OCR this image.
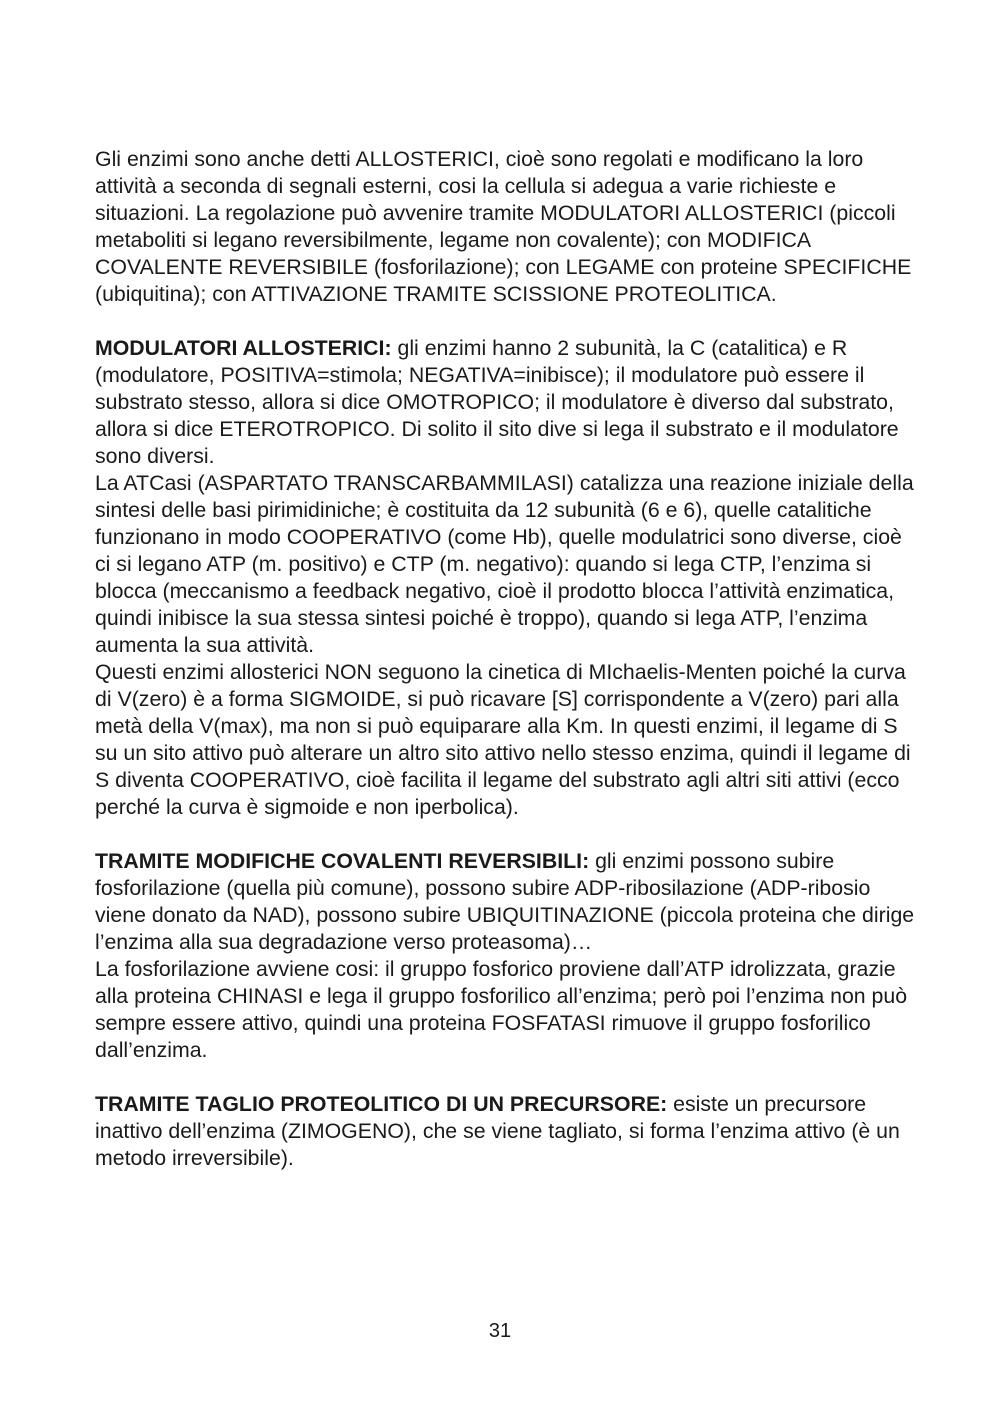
Gli enzimi sono anche detti ALLOSTERICI, cioè sono regolati e modificano la loro attività a seconda di segnali esterni, cosi la cellula si adegua a varie richieste e situazioni. La regolazione può avvenire tramite MODULATORI ALLOSTERICI (piccoli metaboliti si legano reversibilmente, legame non covalente); con MODIFICA COVALENTE REVERSIBILE (fosforilazione); con LEGAME con proteine SPECIFICHE (ubiquitina); con ATTIVAZIONE TRAMITE SCISSIONE PROTEOLITICA.

MODULATORI ALLOSTERICI: gli enzimi hanno 2 subunità, la C (catalitica) e R (modulatore, POSITIVA=stimola; NEGATIVA=inibisce); il modulatore può essere il substrato stesso, allora si dice OMOTROPICO; il modulatore è diverso dal substrato, allora si dice ETEROTROPICO. Di solito il sito dive si lega il substrato e il modulatore sono diversi.

La ATCasi (ASPARTATO TRANSCARBAMMILASI) catalizza una reazione iniziale della sintesi delle basi pirimidiniche; è costituita da 12 subunità (6 e 6), quelle catalitiche funzionano in modo COOPERATIVO (come Hb), quelle modulatrici sono diverse, cioè ci si legano ATP (m. positivo) e CTP (m. negativo): quando si lega CTP, l’enzima si blocca (meccanismo a feedback negativo, cioè il prodotto blocca l’attività enzimatica, quindi inibisce la sua stessa sintesi poiché è troppo), quando si lega ATP, l’enzima aumenta la sua attività.

Questi enzimi allosterici NON seguono la cinetica di MIchaelis-Menten poiché la curva di V(zero) è a forma SIGMOIDE, si può ricavare [S] corrispondente a V(zero) pari alla metà della V(max), ma non si può equiparare alla Km. In questi enzimi, il legame di S su un sito attivo può alterare un altro sito attivo nello stesso enzima, quindi il legame di S diventa COOPERATIVO, cioè facilita il legame del substrato agli altri siti attivi (ecco perché la curva è sigmoide e non iperbolica).

TRAMITE MODIFICHE COVALENTI REVERSIBILI: gli enzimi possono subire fosforilazione (quella più comune), possono subire ADP-ribosilazione (ADP-ribosio viene donato da NAD), possono subire UBIQUITINAZIONE (piccola proteina che dirige l’enzima alla sua degradazione verso proteasoma)…

La fosforilazione avviene cosi: il gruppo fosforico proviene dall’ATP idrolizzata, grazie alla proteina CHINASI e lega il gruppo fosforilico all’enzima; però poi l’enzima non può sempre essere attivo, quindi una proteina FOSFATASI rimuove il gruppo fosforilico dall’enzima.

TRAMITE TAGLIO PROTEOLITICO DI UN PRECURSORE: esiste un precursore inattivo dell’enzima (ZIMOGENO), che se viene tagliato, si forma l’enzima attivo (è un metodo irreversibile).

31
